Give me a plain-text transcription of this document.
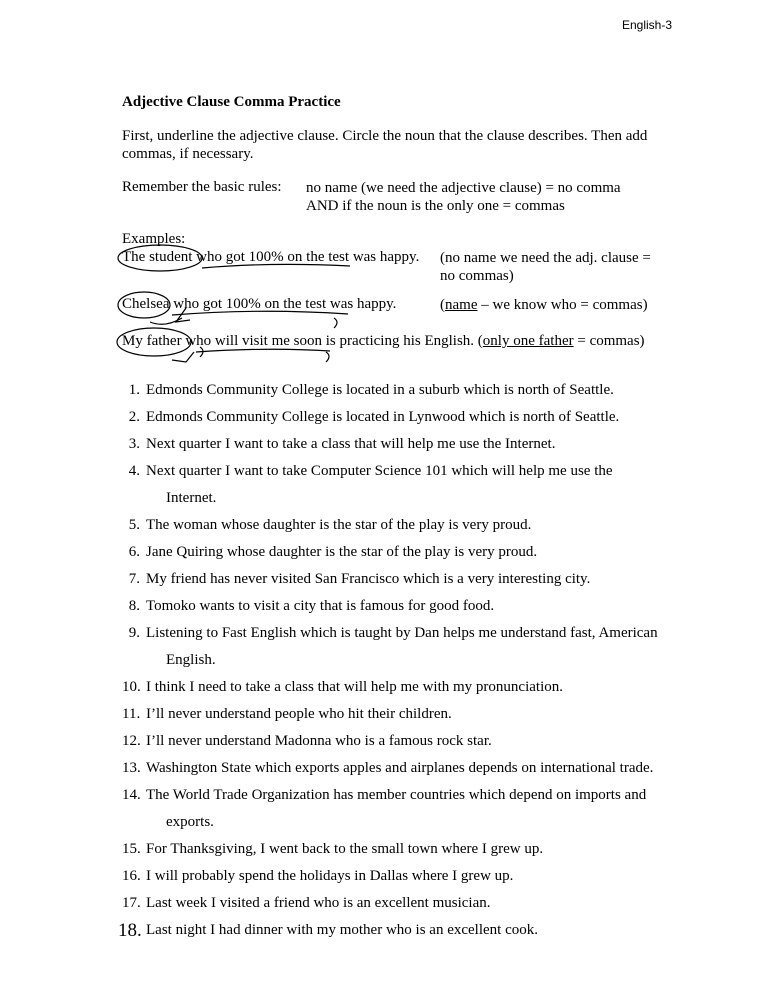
English-3
Adjective Clause Comma Practice
First, underline the adjective clause. Circle the noun that the clause describes. Then add commas, if necessary.
Remember the basic rules: no name (we need the adjective clause) = no comma
AND if the noun is the only one = commas
Examples:
The student who got 100% on the test was happy. (no name we need the adj. clause =
no commas)
Chelsea who got 100% on the test was happy.	(name – we know who = commas)
My father who will visit me soon is practicing his English. (only one father = commas)
1. Edmonds Community College is located in a suburb which is north of Seattle.
2. Edmonds Community College is located in Lynwood which is north of Seattle.
3. Next quarter I want to take a class that will help me use the Internet.
4. Next quarter I want to take Computer Science 101 which will help me use the
Internet.
5. The woman whose daughter is the star of the play is very proud.
6. Jane Quiring whose daughter is the star of the play is very proud.
7. My friend has never visited San Francisco which is a very interesting city.
8. Tomoko wants to visit a city that is famous for good food.
9. Listening to Fast English which is taught by Dan helps me understand fast, American
English.
10. I think I need to take a class that will help me with my pronunciation.
11. I’ll never understand people who hit their children.
12. I’ll never understand Madonna who is a famous rock star.
13. Washington State which exports apples and airplanes depends on international trade.
14. The World Trade Organization has member countries which depend on imports and
exports.
15. For Thanksgiving, I went back to the small town where I grew up.
16. I will probably spend the holidays in Dallas where I grew up.
17. Last week I visited a friend who is an excellent musician.
18. Last night I had dinner with my mother who is an excellent cook.
